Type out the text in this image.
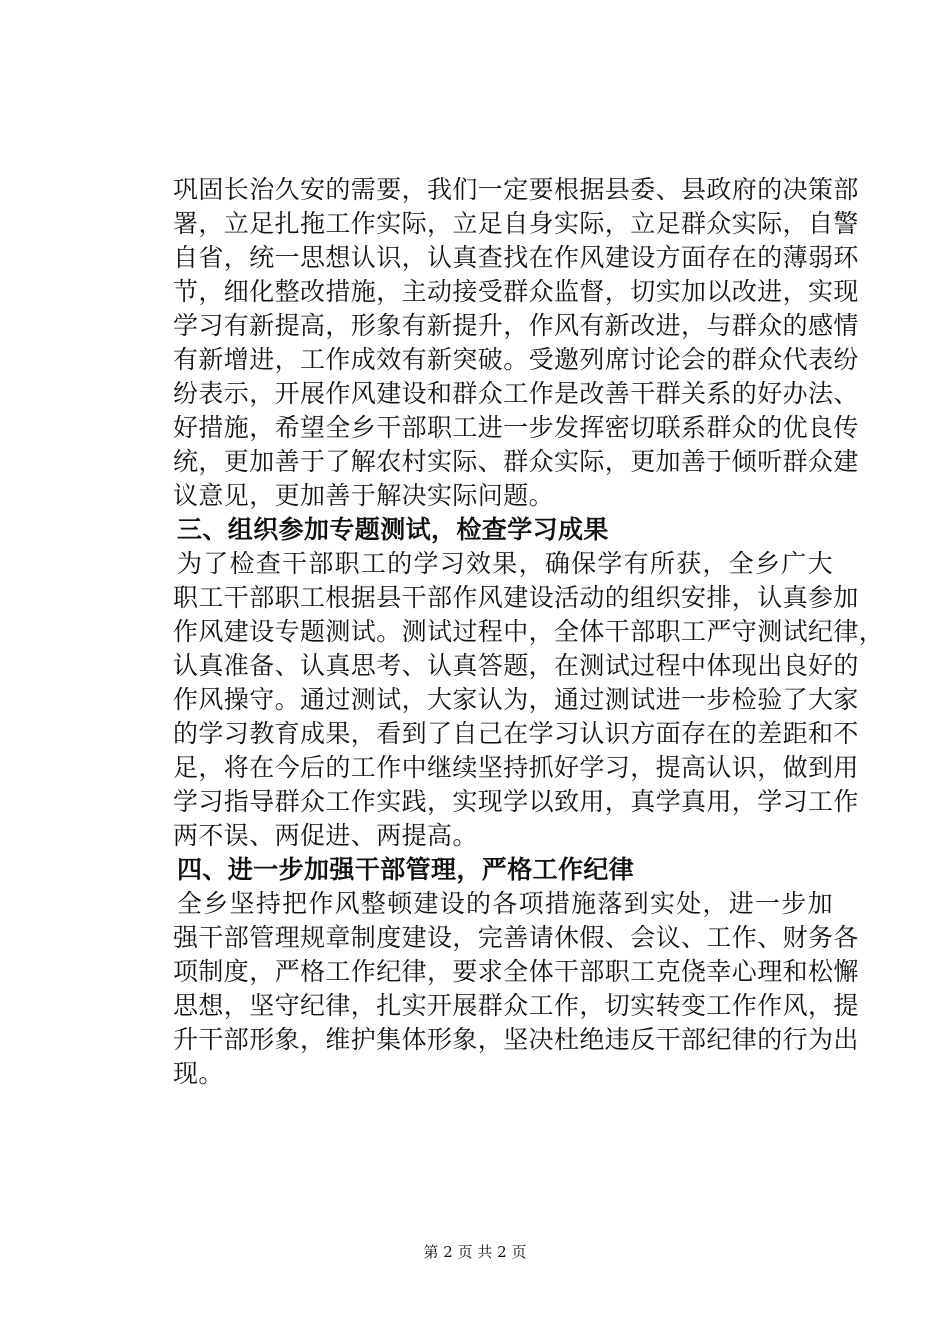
巩固长治久安的需要，我们一定要根据县委、县政府的决策部
署，立足扎拖工作实际，立足自身实际，立足群众实际，自警
自省，统一思想认识，认真查找在作风建设方面存在的薄弱环
节，细化整改措施，主动接受群众监督，切实加以改进，实现
学习有新提高，形象有新提升，作风有新改进，与群众的感情
有新增进，工作成效有新突破。受邀列席讨论会的群众代表纷
纷表示，开展作风建设和群众工作是改善干群关系的好办法、
好措施，希望全乡干部职工进一步发挥密切联系群众的优良传
统，更加善于了解农村实际、群众实际，更加善于倾听群众建
议意见，更加善于解决实际问题。
三、组织参加专题测试，检查学习成果
为了检查干部职工的学习效果，确保学有所获，全乡广大
职工干部职工根据县干部作风建设活动的组织安排，认真参加
作风建设专题测试。测试过程中，全体干部职工严守测试纪律，
认真准备、认真思考、认真答题，在测试过程中体现出良好的
作风操守。通过测试，大家认为，通过测试进一步检验了大家
的学习教育成果，看到了自己在学习认识方面存在的差距和不
足，将在今后的工作中继续坚持抓好学习，提高认识，做到用
学习指导群众工作实践，实现学以致用，真学真用，学习工作
两不误、两促进、两提高。
四、进一步加强干部管理，严格工作纪律
全乡坚持把作风整顿建设的各项措施落到实处，进一步加
强干部管理规章制度建设，完善请休假、会议、工作、财务各
项制度，严格工作纪律，要求全体干部职工克侥幸心理和松懈
思想，坚守纪律，扎实开展群众工作，切实转变工作作风，提
升干部形象，维护集体形象，坚决杜绝违反干部纪律的行为出
现。
第 2 页 共 2 页
